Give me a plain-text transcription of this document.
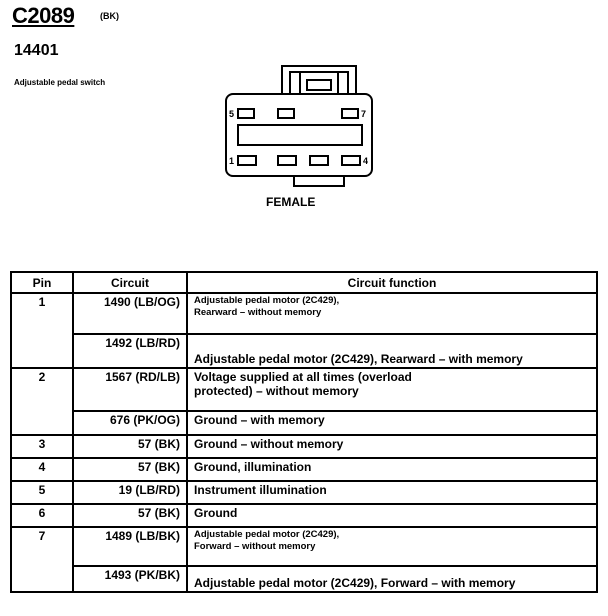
C2089	(BK)
14401
Adjustable pedal switch
5	7
1	4
FEMALE
Pin	Circuit	Circuit function
1	1490 (LB/OG)	Adjustable pedal motor (2C429),
Rearward – without memory

	1492 (LB/RD)	Adjustable pedal motor (2C429), Rearward – with memory
2	1567 (RD/LB)	Voltage supplied at all times (overload
protected) – without memory

	676 (PK/OG)	Ground – with memory
3	57 (BK)	Ground – without memory
4	57 (BK)	Ground, illumination
5	19 (LB/RD)	Instrument illumination
6	57 (BK)	Ground
7	1489 (LB/BK)	Adjustable pedal motor (2C429),
Forward – without memory

	1493 (PK/BK)	Adjustable pedal motor (2C429), Forward – with memory
